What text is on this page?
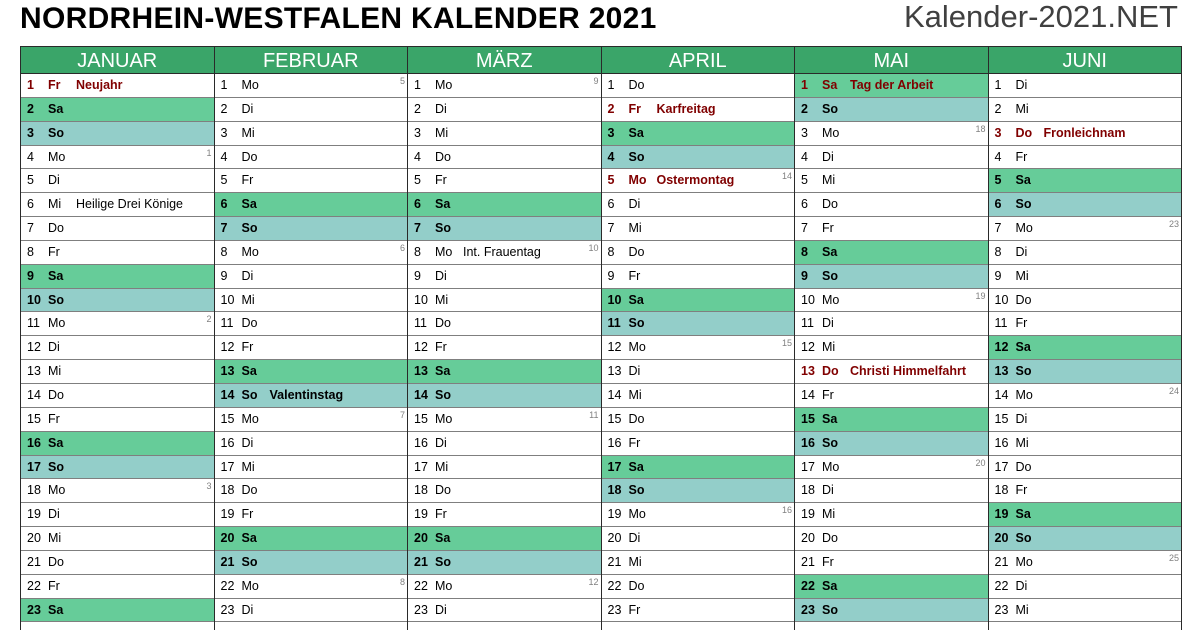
NORDRHEIN-WESTFALEN KALENDER 2021	Kalender-2021.NET
JANUAR
1 Fr Neujahr
2 Sa
3 So
4 Mo	1
5 Di
6 Mi Heilige Drei Könige
7 Do
8 Fr
9 Sa
10 So
11 Mo	2
12 Di
13 Mi
14 Do
15 Fr
16 Sa
17 So
18 Mo	3
19 Di
20 Mi
21 Do
22 Fr
23 Sa
FEBRUAR
1 Mo	5
2 Di
3 Mi
4 Do
5 Fr
6 Sa
7 So
8 Mo	6
9 Di
10 Mi
11 Do
12 Fr
13 Sa
14 So Valentinstag
15 Mo	7
16 Di
17 Mi
18 Do
19 Fr
20 Sa
21 So
22 Mo	8
23 Di
MÄRZ
1 Mo	9
2 Di
3 Mi
4 Do
5 Fr
6 Sa
7 So
8 Mo Int. Frauentag	10
9 Di
10 Mi
11 Do
12 Fr
13 Sa
14 So
15 Mo	11
16 Di
17 Mi
18 Do
19 Fr
20 Sa
21 So
22 Mo	12
23 Di
APRIL
1 Do
2 Fr Karfreitag
3 Sa
4 So
5 Mo Ostermontag	14
6 Di
7 Mi
8 Do
9 Fr
10 Sa
11 So
12 Mo	15
13 Di
14 Mi
15 Do
16 Fr
17 Sa
18 So
19 Mo	16
20 Di
21 Mi
22 Do
23 Fr
MAI
1 Sa Tag der Arbeit
2 So
3 Mo	18
4 Di
5 Mi
6 Do
7 Fr
8 Sa
9 So
10 Mo	19
11 Di
12 Mi
13 Do Christi Himmelfahrt
14 Fr
15 Sa
16 So
17 Mo	20
18 Di
19 Mi
20 Do
21 Fr
22 Sa
23 So
JUNI
1 Di
2 Mi
3 Do Fronleichnam
4 Fr
5 Sa
6 So
7 Mo	23
8 Di
9 Mi
10 Do
11 Fr
12 Sa
13 So
14 Mo	24
15 Di
16 Mi
17 Do
18 Fr
19 Sa
20 So
21 Mo	25
22 Di
23 Mi
